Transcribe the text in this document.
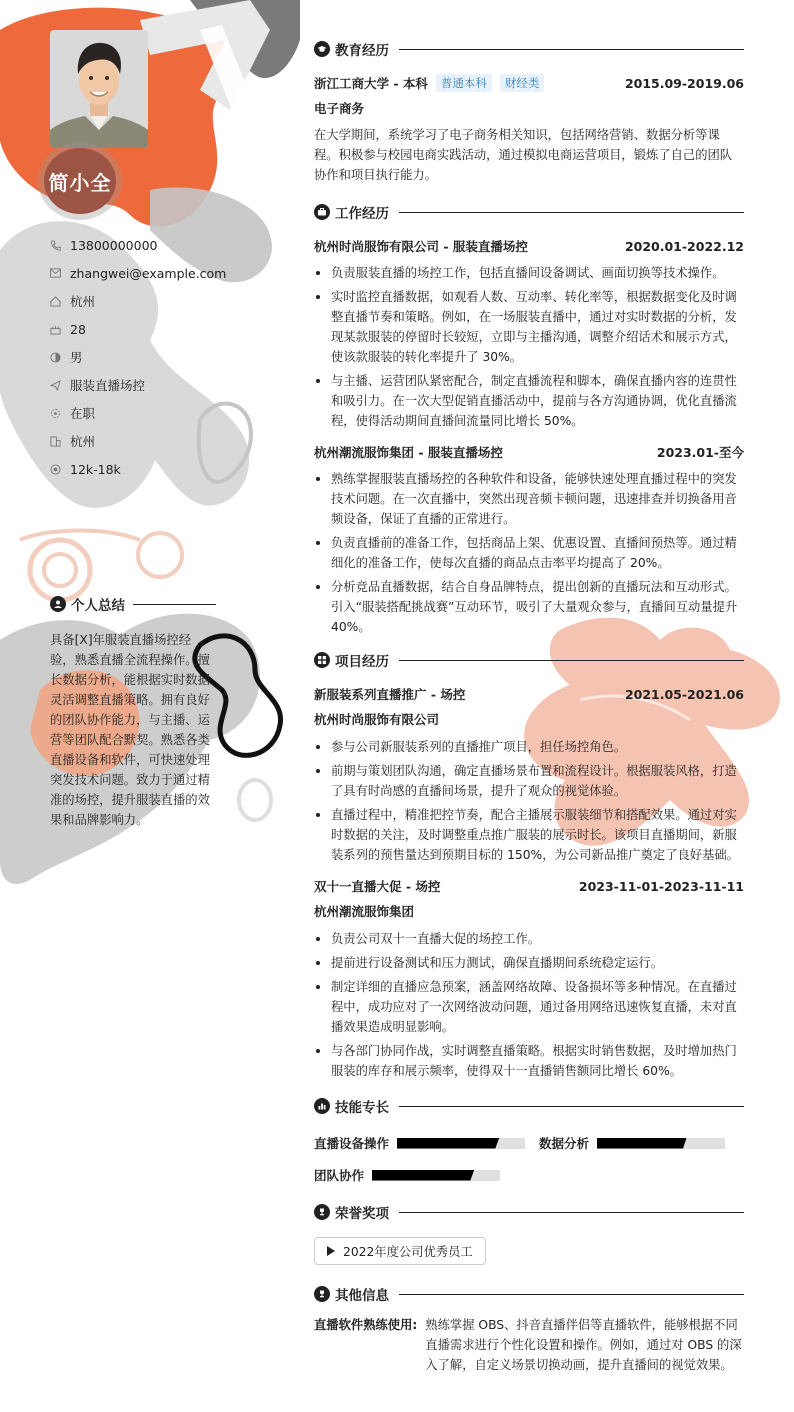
简小全
13800000000
zhangwei@example.com
杭州
28
男
服装直播场控
在职
杭州
12k-18k
个人总结
具备[X]年服装直播场控经验，熟悉直播全流程操作。擅长数据分析，能根据实时数据灵活调整直播策略。拥有良好的团队协作能力，与主播、运营等团队配合默契。熟悉各类直播设备和软件，可快速处理突发技术问题。致力于通过精准的场控，提升服装直播的效果和品牌影响力。
教育经历
浙江工商大学 - 本科	普通本科	财经类	2015.09-2019.06
电子商务
在大学期间，系统学习了电子商务相关知识，包括网络营销、数据分析等课程。积极参与校园电商实践活动，通过模拟电商运营项目，锻炼了自己的团队协作和项目执行能力。
工作经历
杭州时尚服饰有限公司 - 服装直播场控	2020.01-2022.12
负责服装直播的场控工作，包括直播间设备调试、画面切换等技术操作。
实时监控直播数据，如观看人数、互动率、转化率等，根据数据变化及时调整直播节奏和策略。例如，在一场服装直播中，通过对实时数据的分析，发现某款服装的停留时长较短，立即与主播沟通，调整介绍话术和展示方式，使该款服装的转化率提升了 30%。
与主播、运营团队紧密配合，制定直播流程和脚本，确保直播内容的连贯性和吸引力。在一次大型促销直播活动中，提前与各方沟通协调，优化直播流程，使得活动期间直播间流量同比增长 50%。
杭州潮流服饰集团 - 服装直播场控	2023.01-至今
熟练掌握服装直播场控的各种软件和设备，能够快速处理直播过程中的突发技术问题。在一次直播中，突然出现音频卡顿问题，迅速排查并切换备用音频设备，保证了直播的正常进行。
负责直播前的准备工作，包括商品上架、优惠设置、直播间预热等。通过精细化的准备工作，使每次直播的商品点击率平均提高了 20%。
分析竞品直播数据，结合自身品牌特点，提出创新的直播玩法和互动形式。引入“服装搭配挑战赛”互动环节，吸引了大量观众参与，直播间互动量提升 40%。
项目经历
新服装系列直播推广 - 场控	2021.05-2021.06
杭州时尚服饰有限公司
参与公司新服装系列的直播推广项目，担任场控角色。
前期与策划团队沟通，确定直播场景布置和流程设计。根据服装风格，打造了具有时尚感的直播间场景，提升了观众的视觉体验。
直播过程中，精准把控节奏，配合主播展示服装细节和搭配效果。通过对实时数据的关注，及时调整重点推广服装的展示时长。该项目直播期间，新服装系列的预售量达到预期目标的 150%，为公司新品推广奠定了良好基础。
双十一直播大促 - 场控	2023-11-01-2023-11-11
杭州潮流服饰集团
负责公司双十一直播大促的场控工作。
提前进行设备测试和压力测试，确保直播期间系统稳定运行。
制定详细的直播应急预案，涵盖网络故障、设备损坏等多种情况。在直播过程中，成功应对了一次网络波动问题，通过备用网络迅速恢复直播，未对直播效果造成明显影响。
与各部门协同作战，实时调整直播策略。根据实时销售数据，及时增加热门服装的库存和展示频率，使得双十一直播销售额同比增长 60%。
技能专长
直播设备操作	数据分析
团队协作
荣誉奖项
2022年度公司优秀员工
其他信息
直播软件熟练使用: 熟练掌握 OBS、抖音直播伴侣等直播软件，能够根据不同直播需求进行个性化设置和操作。例如，通过对 OBS 的深入了解，自定义场景切换动画，提升直播间的视觉效果。
